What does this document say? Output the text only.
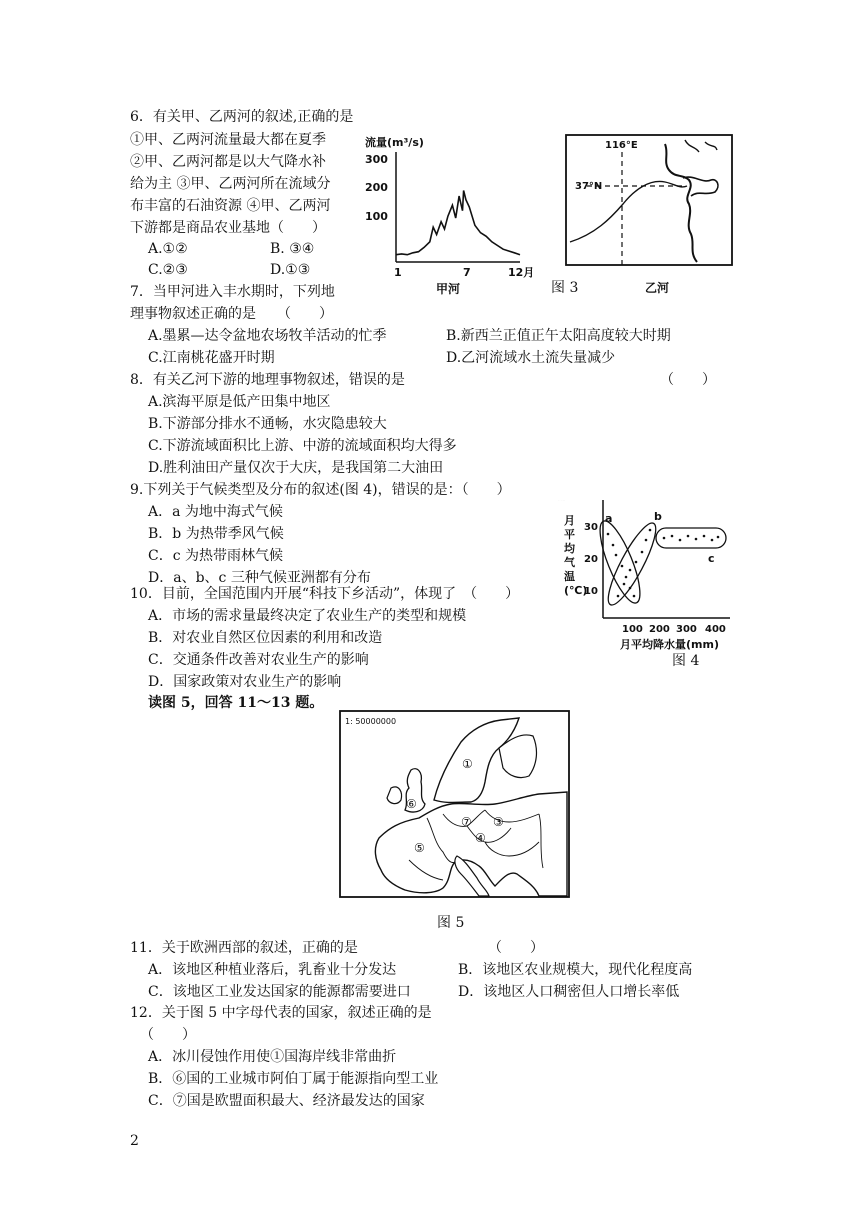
6．有关甲、乙两河的叙述,正确的是
①甲、乙两河流量最大都在夏季
②甲、乙两河都是以大气降水补
给为主 ③甲、乙两河所在流域分
布丰富的石油资源 ④甲、乙两河
下游都是商品农业基地（　　）
A.①②	B. ③④
C.②③	D.①③
流量(m³/s)
300
200
100
1	7	12月
甲河	图 3
116°E
37°N
乙河
7．当甲河进入丰水期时，下列地
理事物叙述正确的是　　（　　）
A.墨累—达令盆地农场牧羊活动的忙季	B.新西兰正值正午太阳高度较大时期
C.江南桃花盛开时期	D.乙河流域水土流失量减少
8．有关乙河下游的地理事物叙述，错误的是	（　　）
A.滨海平原是低产田集中地区
B.下游部分排水不通畅，水灾隐患较大
C.下游流域面积比上游、中游的流域面积均大得多
D.胜利油田产量仅次于大庆，是我国第二大油田
9.下列关于气候类型及分布的叙述(图 4)，错误的是：（　　）
A．a 为地中海式气候
B．b 为热带季风气候
C．c 为热带雨林气候
D．a、b、c 三种气候亚洲都有分布
月平均气温(℃)
月平均气温(℃)
30
20
10
a	b
c
100 200 300 400
月平均降水量(mm)
图 4
10．目前，全国范围内开展“科技下乡活动”，体现了　（　　）
A．市场的需求量最终决定了农业生产的类型和规模
B．对农业自然区位因素的利用和改造
C．交通条件改善对农业生产的影响
D．国家政策对农业生产的影响
读图 5，回答 11～13 题。
1: 50000000
①
⑥
⑦ ③
④
⑤
图 5
11．关于欧洲西部的叙述，正确的是	（　　）
A．该地区种植业落后，乳畜业十分发达	B．该地区农业规模大，现代化程度高
C．该地区工业发达国家的能源都需要进口	D．该地区人口稠密但人口增长率低
12．关于图 5 中字母代表的国家，叙述正确的是
（　　）
A．冰川侵蚀作用使①国海岸线非常曲折
B．⑥国的工业城市阿伯丁属于能源指向型工业
C．⑦国是欧盟面积最大、经济最发达的国家
2
